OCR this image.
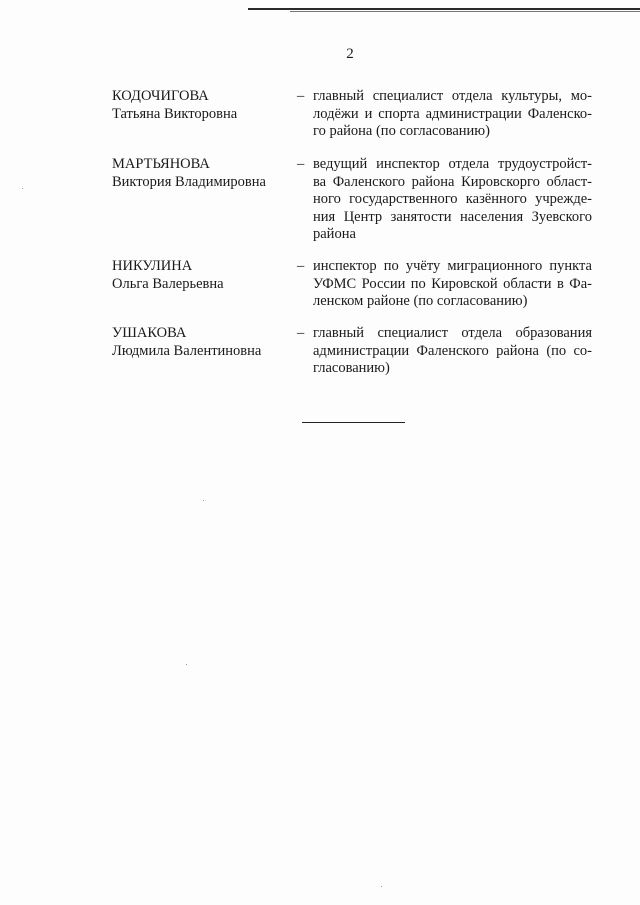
2
КОДОЧИГОВА
Татьяна Викторовна
– главный специалист отдела культуры, мо-
лодёжи и спорта администрации Фаленско-
го района (по согласованию)
МАРТЬЯНОВА
Виктория Владимировна
– ведущий инспектор отдела трудоустройст-
ва Фаленского района Кировскорго област-
ного государственного казённого учрежде-
ния Центр занятости населения Зуевского
района
НИКУЛИНА
Ольга Валерьевна
– инспектор по учёту миграционного пункта
УФМС России по Кировской области в Фа-
ленском районе (по согласованию)
УШАКОВА
Людмила Валентиновна
– главный специалист отдела образования
администрации Фаленского района (по со-
гласованию)
